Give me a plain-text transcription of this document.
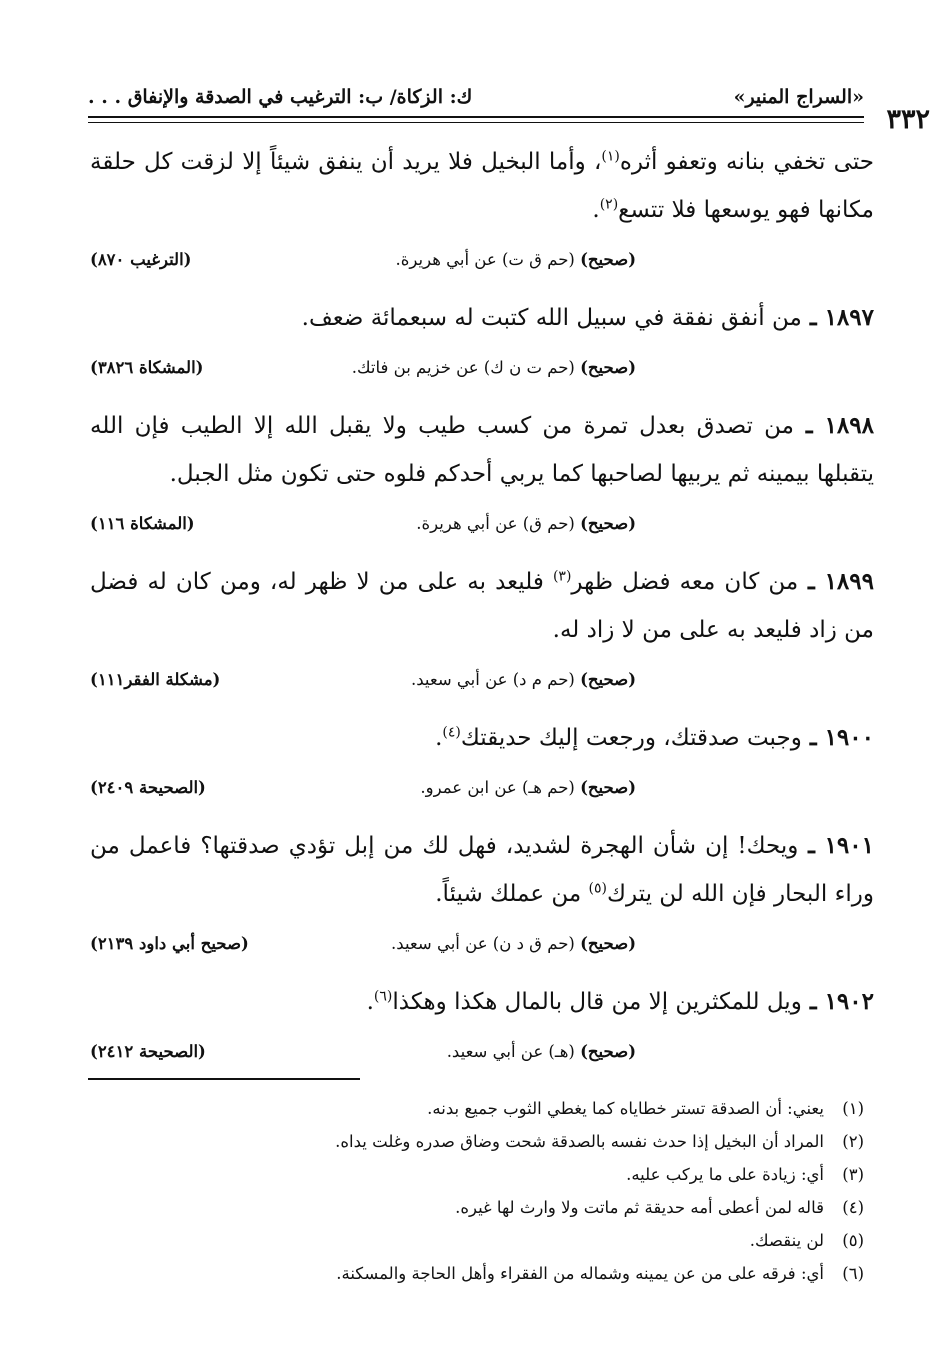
«السراج المنير»
ك: الزكاة/ ب: الترغيب في الصدقة والإنفاق . . .
٣٣٢
حتى تخفي بنانه وتعفو أثره$^{(١)}$، وأما البخيل فلا يريد أن ينفق شيئاً إلا لزقت كل حلقة مكانها فهو يوسعها فلا تتسع$^{(٢)}$.
(صحيح) (حم ق ت) عن أبي هريرة.
(الترغيب ٨٧٠)
١٨٩٧ ـ من أنفق نفقة في سبيل الله كتبت له سبعمائة ضعف.
(صحيح) (حم ت ن ك) عن خزيم بن فاتك.
(المشكاة ٣٨٢٦)
١٨٩٨ ـ من تصدق بعدل تمرة من كسب طيب ولا يقبل الله إلا الطيب فإن الله يتقبلها بيمينه ثم يربيها لصاحبها كما يربي أحدكم فلوه حتى تكون مثل الجبل.
(صحيح) (حم ق) عن أبي هريرة.
(المشكاة ١١٦)
١٨٩٩ ـ من كان معه فضل ظهر$^{(٣)}$ فليعد به على من لا ظهر له، ومن كان له فضل من زاد فليعد به على من لا زاد له.
(صحيح) (حم م د) عن أبي سعيد.
(مشكلة الفقر١١١)
١٩٠٠ ـ وجبت صدقتك، ورجعت إليك حديقتك$^{(٤)}$.
(صحيح) (حم هـ) عن ابن عمرو.
(الصحيحة ٢٤٠٩)
١٩٠١ ـ ويحك! إن شأن الهجرة لشديد، فهل لك من إبل تؤدي صدقتها؟ فاعمل من وراء البحار فإن الله لن يترك$^{(٥)}$ من عملك شيئاً.
(صحيح) (حم ق د ن) عن أبي سعيد.
(صحيح أبي داود ٢١٣٩)
١٩٠٢ ـ ويل للمكثرين إلا من قال بالمال هكذا وهكذا$^{(٦)}$.
(صحيح) (هـ) عن أبي سعيد.
(الصحيحة ٢٤١٢)
(١)يعني: أن الصدقة تستر خطاياه كما يغطي الثوب جميع بدنه.
(٢)المراد أن البخيل إذا حدث نفسه بالصدقة شحت وضاق صدره وغلت يداه.
(٣)أي: زيادة على ما يركب عليه.
(٤)قاله لمن أعطى أمه حديقة ثم ماتت ولا وارث لها غيره.
(٥)لن ينقصك.
(٦)أي: فرقه على من عن يمينه وشماله من الفقراء وأهل الحاجة والمسكنة.
